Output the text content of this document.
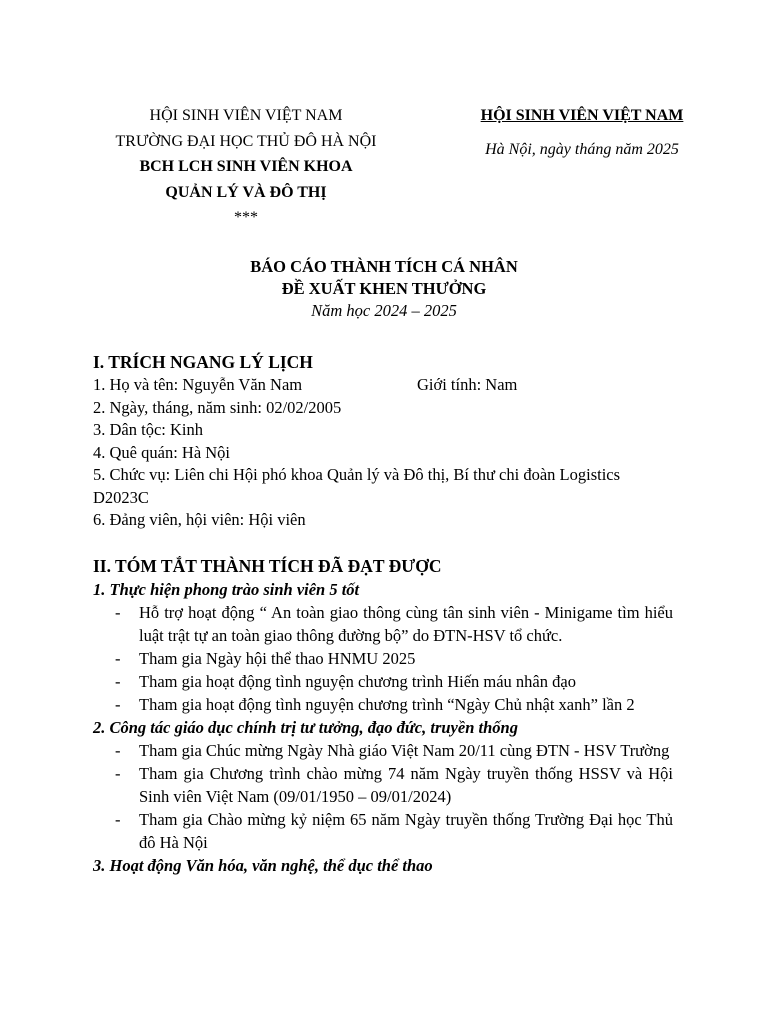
HỘI SINH VIÊN VIỆT NAM
TRƯỜNG ĐẠI HỌC THỦ ĐÔ HÀ NỘI
BCH LCH SINH VIÊN KHOA
QUẢN LÝ VÀ ĐÔ THỊ
***
HỘI SINH VIÊN VIỆT NAM
Hà Nội, ngày tháng năm 2025
BÁO CÁO THÀNH TÍCH CÁ NHÂN
ĐỀ XUẤT KHEN THƯỞNG
Năm học 2024 – 2025
I. TRÍCH NGANG LÝ LỊCH
1. Họ và tên: Nguyễn Văn Nam	Giới tính: Nam
2. Ngày, tháng, năm sinh: 02/02/2005
3. Dân tộc: Kinh
4. Quê quán: Hà Nội
5. Chức vụ: Liên chi Hội phó khoa Quản lý và Đô thị, Bí thư chi đoàn Logistics D2023C
6. Đảng viên, hội viên: Hội viên
II. TÓM TẮT THÀNH TÍCH ĐÃ ĐẠT ĐƯỢC
1. Thực hiện phong trào sinh viên 5 tốt
- Hỗ trợ hoạt động “ An toàn giao thông cùng tân sinh viên - Minigame tìm hiểu luật trật tự an toàn giao thông đường bộ” do ĐTN-HSV tổ chức.
- Tham gia Ngày hội thể thao HNMU 2025
- Tham gia hoạt động tình nguyện chương trình Hiến máu nhân đạo
- Tham gia hoạt động tình nguyện chương trình “Ngày Chủ nhật xanh” lần 2
2. Công tác giáo dục chính trị tư tưởng, đạo đức, truyền thống
- Tham gia Chúc mừng Ngày Nhà giáo Việt Nam 20/11 cùng ĐTN - HSV Trường
- Tham gia Chương trình chào mừng 74 năm Ngày truyền thống HSSV và Hội Sinh viên Việt Nam (09/01/1950 – 09/01/2024)
- Tham gia Chào mừng kỷ niệm 65 năm Ngày truyền thống Trường Đại học Thủ đô Hà Nội
3. Hoạt động Văn hóa, văn nghệ, thể dục thể thao
